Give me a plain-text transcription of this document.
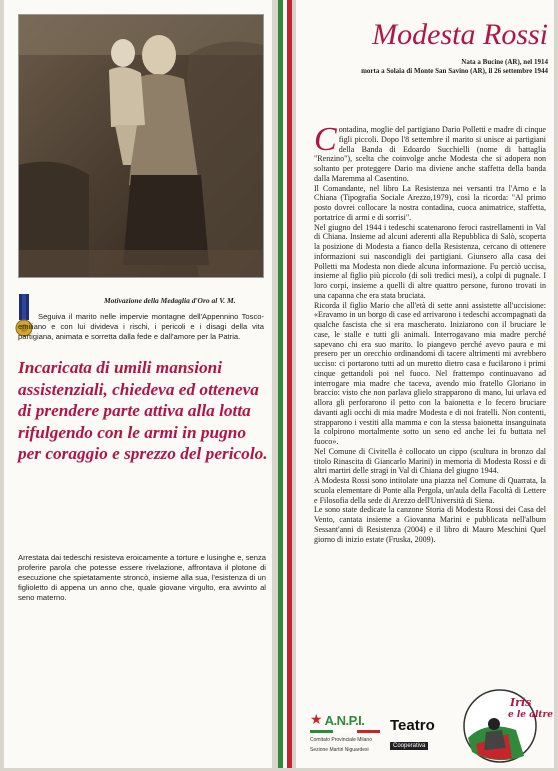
Motivazione della Medaglia d'Oro al V. M.
Seguiva il marito nelle impervie montagne dell'Appennino Tosco-emiliano e con lui divideva i rischi, i pericoli e i disagi della vita partigiana, animata e sorretta dalla fede e dall'amore per la Patria.
Incaricata di umili mansioni assistenziali, chiedeva ed otteneva di prendere parte attiva alla lotta rifulgendo con le armi in pugno per coraggio e sprezzo del pericolo.
Arrestata dai tedeschi resisteva eroicamente a torture e lusinghe e, senza proferire parola che potesse essere rivelazione, affrontava il plotone di esecuzione che spietatamente stroncò, insieme alla sua, l'esistenza di un figlioletto di appena un anno che, quale giovane virgulto, era avvinto al seno materno.
Modesta Rossi
Nata a Bucine (AR), nel 1914
morta a Solaia di Monte San Savino (AR), il 26 settembre 1944

Contadina, moglie del partigiano Dario Polletti e madre di cinque figli piccoli. Dopo l'8 settembre il marito si unisce ai partigiani della Banda di Edoardo Succhielli (nome di battaglia "Renzino"), scelta che coinvolge anche Modesta che si adopera non soltanto per proteggere Dario ma diviene anche staffetta della banda dalla Maremma al Casentino.

Il Comandante, nel libro La Resistenza nei versanti tra l'Arno e la Chiana (Tipografia Sociale Arezzo,1979), così la ricorda: "Al primo posto dovrei collocare la nostra contadina, cuoca animatrice, staffetta, portatrice di armi e di sorrisi".

Nel giugno del 1944 i tedeschi scatenarono feroci rastrellamenti in Val di Chiana. Insieme ad alcuni aderenti alla Repubblica di Salò, scoperta la posizione di Modesta a fianco della Resistenza, cercano di ottenere informazioni sui nascondigli dei partigiani. Giunsero alla casa dei Polletti ma Modesta non diede alcuna informazione. Fu perciò uccisa, insieme al figlio più piccolo (di soli tredici mesi), a colpi di pugnale. I loro corpi, insieme a quelli di altre quattro persone, furono trovati in una capanna che era stata bruciata.

Ricorda il figlio Mario che all'età di sette anni assistette all'uccisione: «Eravamo in un borgo di case ed arrivarono i tedeschi accompagnati da qualche fascista che si era mascherato. Iniziarono con il bruciare le case, le stalle e tutti gli animali. Interrogavano mia madre perché sapevano chi era suo marito. Io piangevo perché avevo paura e mi presero per un orecchio ordinandomi di tacere altrimenti mi avrebbero ucciso: ci portarono tutti ad un muretto dietro casa e fucilarono i primi cinque gettandoli poi nel fuoco. Nel frattempo continuavano ad interrogare mia madre che taceva, avendo mio fratello Gloriano in braccio: visto che non parlava glielo strapparono di mano, lui urlava ed allora gli perforarono il petto con la baionetta e lo fecero bruciare davanti agli occhi di mia madre Modesta e di noi fratelli. Non contenti, strapparono i vestiti alla mamma e con la stessa baionetta insanguinata la colpirono mortalmente sotto un seno ed anche lei fu buttata nel fuoco».

Nel Comune di Civitella è collocato un cippo (scultura in bronzo dal titolo Rinascita di Giancarlo Marini) in memoria di Modesta Rossi e di altri martiri delle stragi in Val di Chiana del giugno 1944.

A Modesta Rossi sono intitolate una piazza nel Comune di Quarrata, la scuola elementare di Ponte alla Pergola, un'aula della Facoltà di Lettere e Filosofia della sede di Arezzo dell'Università di Siena.

Le sono state dedicate la canzone Storia di Modesta Rossi dei Casa del Vento, cantata insieme a Giovanna Marini e pubblicata nell'album Sessant'anni di Resistenza (2004) e il libro di Mauro Meschini Quel giorno di inizio estate (Fruska, 2009).

★ A.N.P.I.
Comitato Provinciale Milano
Sezione Martiri Niguardesi
Teatro
Cooperativa
Iris
e le altre
